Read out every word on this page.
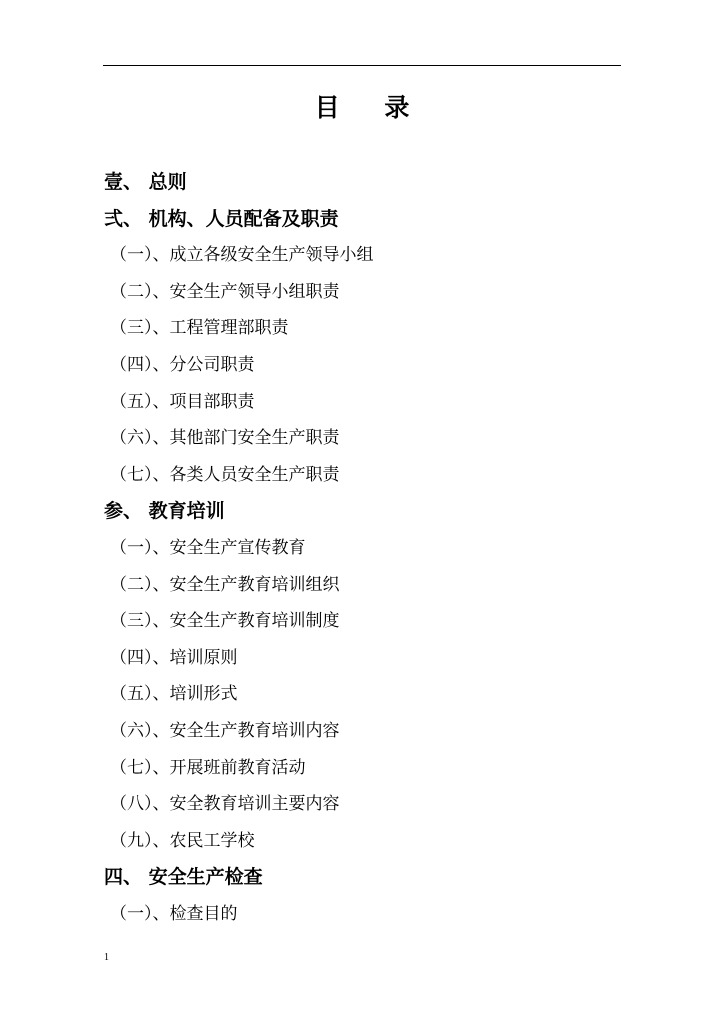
目 录
壹、 总则
弍、 机构、人员配备及职责
（一）、成立各级安全生产领导小组
（二）、安全生产领导小组职责
（三）、工程管理部职责
（四）、分公司职责
（五）、项目部职责
（六）、其他部门安全生产职责
（七）、各类人员安全生产职责
参、 教育培训
（一）、安全生产宣传教育
（二）、安全生产教育培训组织
（三）、安全生产教育培训制度
（四）、培训原则
（五）、培训形式
（六）、安全生产教育培训内容
（七）、开展班前教育活动
（八）、安全教育培训主要内容
（九）、农民工学校
四、 安全生产检查
（一）、检查目的
1
